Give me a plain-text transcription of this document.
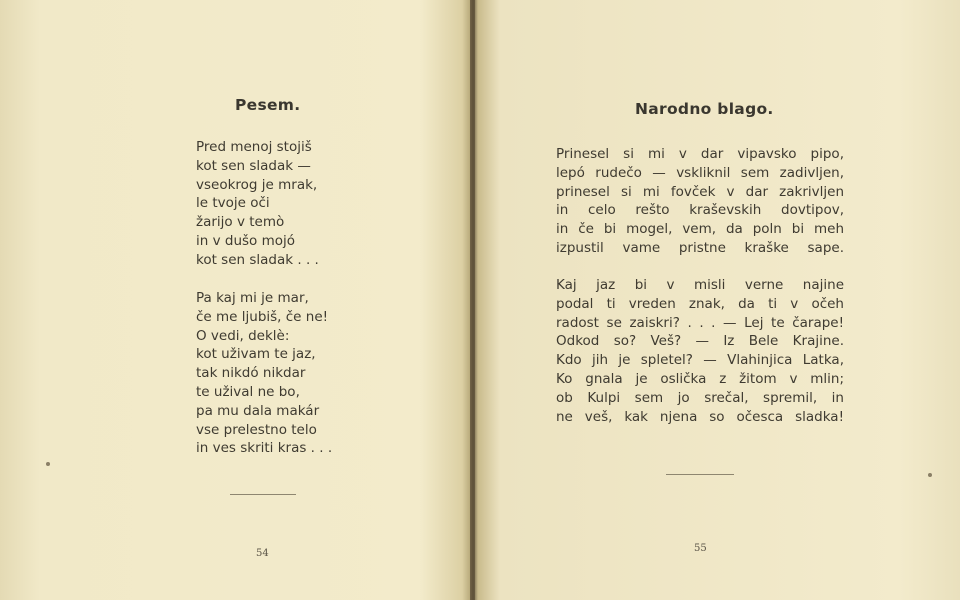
Pesem.
Pred menoj stojiš
kot sen sladak —
vseokrog je mrak,
le tvoje oči
žarijo v temò
in v dušo mojó
kot sen sladak . . .
Pa kaj mi je mar,
če me ljubiš, če ne!
O vedi, deklè:
kot uživam te jaz,
tak nikdó nikdar
te užival ne bo,
pa mu dala makár
vse prelestno telo
in ves skriti kras . . .
54
Narodno blago.
Prinesel si mi v dar vipavsko pipo,
lepó rudečo — vskliknil sem zadivljen,
prinesel si mi fovček v dar zakrivljen
in celo rešto kraševskih dovtipov,
in če bi mogel, vem, da poln bi meh
izpustil vame pristne kraške sape.
Kaj jaz bi v misli verne najine
podal ti vreden znak, da ti v očeh
radost se zaiskri? . . . — Lej te čarape!
Odkod so? Veš? — Iz Bele Krajine.
Kdo jih je spletel? — Vlahinjica Latka,
Ko gnala je oslička z žitom v mlin;
ob Kulpi sem jo srečal, spremil, in
ne veš, kak njena so očesca sladka!
55
